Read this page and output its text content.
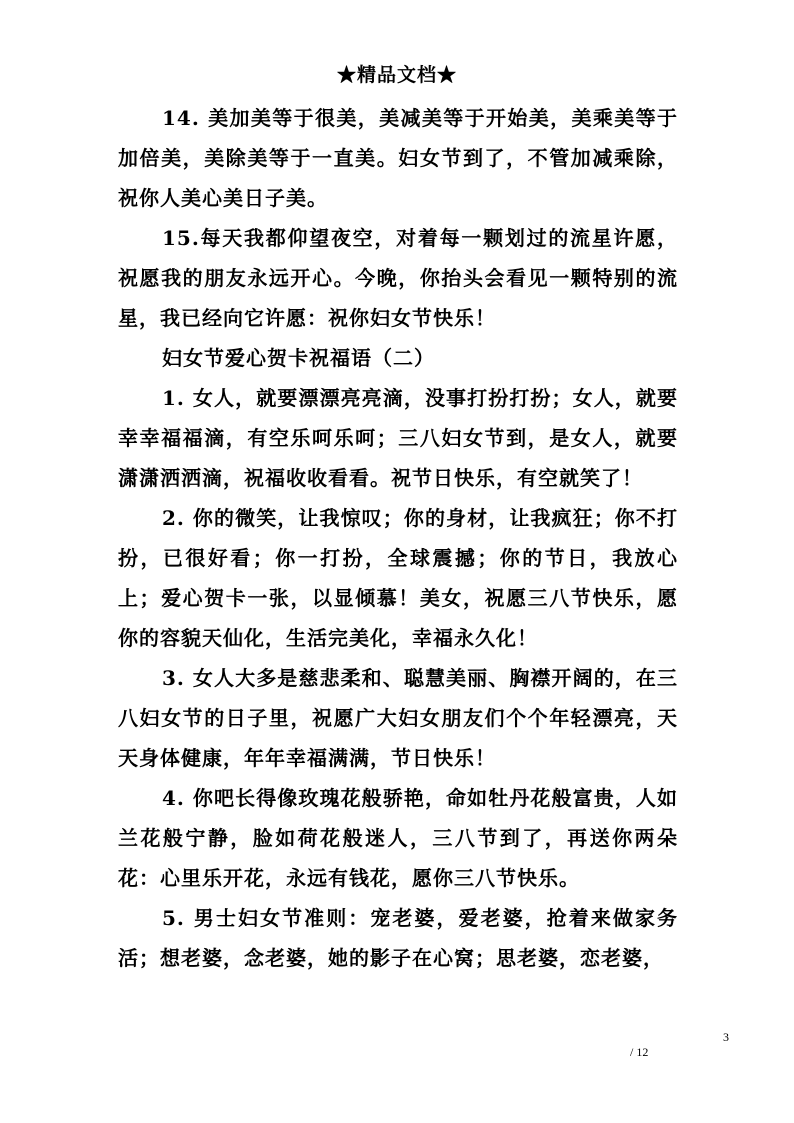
★精品文档★

14. 美加美等于很美，美减美等于开始美，美乘美等于加倍美，美除美等于一直美。妇女节到了，不管加减乘除，祝你人美心美日子美。

15.每天我都仰望夜空，对着每一颗划过的流星许愿，祝愿我的朋友永远开心。今晚，你抬头会看见一颗特别的流星，我已经向它许愿：祝你妇女节快乐！

妇女节爱心贺卡祝福语（二）

1. 女人，就要漂漂亮亮滴，没事打扮打扮；女人，就要幸幸福福滴，有空乐呵乐呵；三八妇女节到，是女人，就要潇潇洒洒滴，祝福收收看看。祝节日快乐，有空就笑了！

2. 你的微笑，让我惊叹；你的身材，让我疯狂；你不打扮，已很好看；你一打扮，全球震撼；你的节日，我放心上；爱心贺卡一张，以显倾慕！美女，祝愿三八节快乐，愿你的容貌天仙化，生活完美化，幸福永久化！

3. 女人大多是慈悲柔和、聪慧美丽、胸襟开阔的，在三八妇女节的日子里，祝愿广大妇女朋友们个个年轻漂亮，天天身体健康，年年幸福满满，节日快乐！

4. 你吧长得像玫瑰花般骄艳，命如牡丹花般富贵，人如兰花般宁静，脸如荷花般迷人，三八节到了，再送你两朵花：心里乐开花，永远有钱花，愿你三八节快乐。

5. 男士妇女节准则：宠老婆，爱老婆，抢着来做家务活；想老婆，念老婆，她的影子在心窝；思老婆，恋老婆，

3
/ 12
